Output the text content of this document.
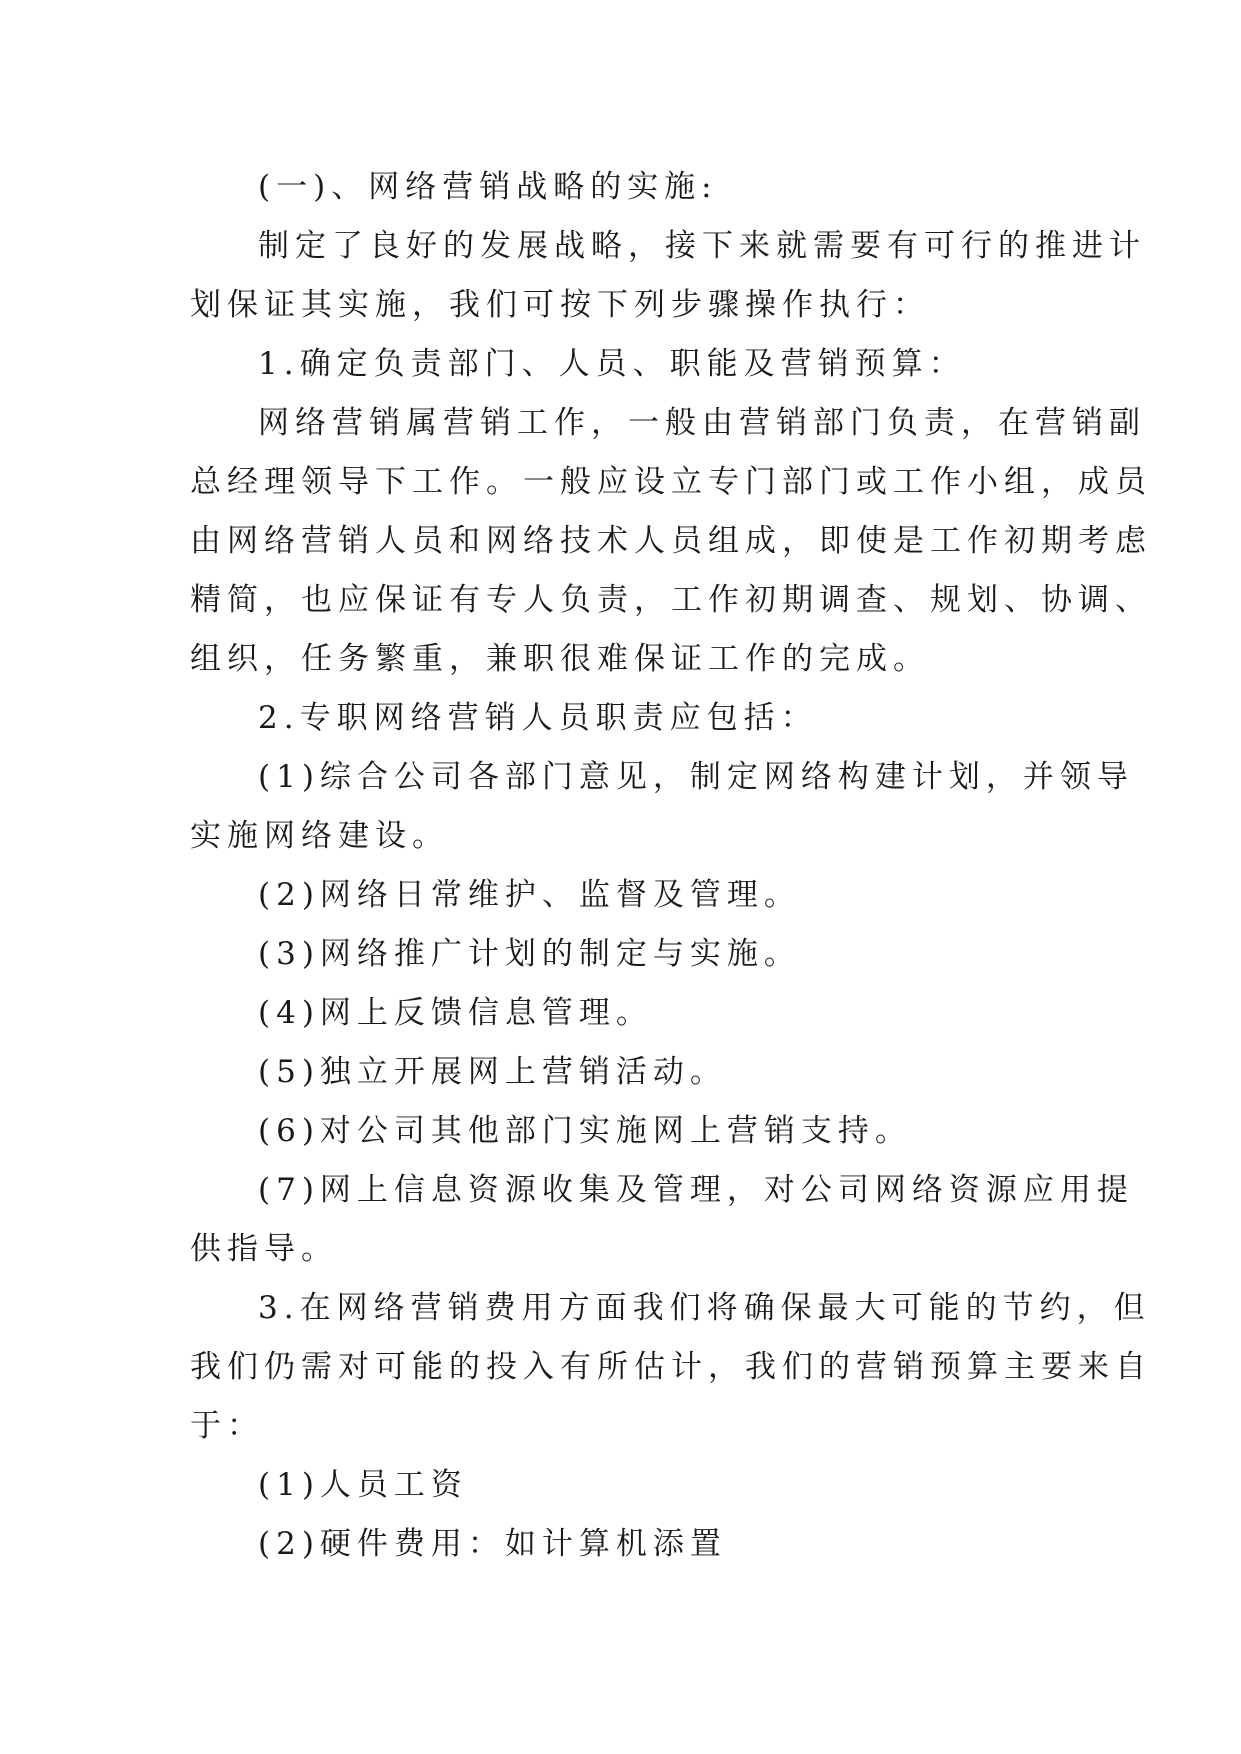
(一)、网络营销战略的实施:

制定了良好的发展战略，接下来就需要有可行的推进计

划保证其实施，我们可按下列步骤操作执行：

1.确定负责部门、人员、职能及营销预算：

网络营销属营销工作，一般由营销部门负责，在营销副

总经理领导下工作。一般应设立专门部门或工作小组，成员

由网络营销人员和网络技术人员组成，即使是工作初期考虑

精简，也应保证有专人负责，工作初期调查、规划、协调、

组织，任务繁重，兼职很难保证工作的完成。

2.专职网络营销人员职责应包括：

(1)综合公司各部门意见，制定网络构建计划，并领导

实施网络建设。

(2)网络日常维护、监督及管理。

(3)网络推广计划的制定与实施。

(4)网上反馈信息管理。

(5)独立开展网上营销活动。

(6)对公司其他部门实施网上营销支持。

(7)网上信息资源收集及管理，对公司网络资源应用提

供指导。

3.在网络营销费用方面我们将确保最大可能的节约，但

我们仍需对可能的投入有所估计，我们的营销预算主要来自

于：

(1)人员工资

(2)硬件费用：如计算机添置
